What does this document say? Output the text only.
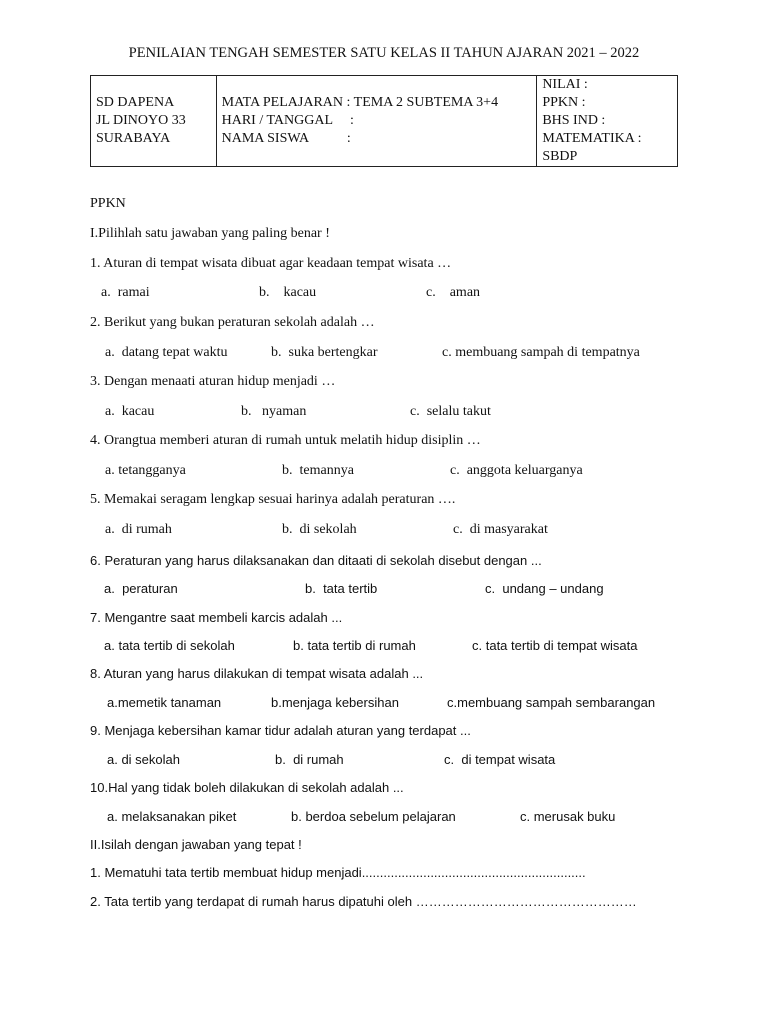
PENILAIAN TENGAH SEMESTER SATU KELAS II TAHUN AJARAN 2021 – 2022
SD DAPENA
JL DINOYO 33
SURABAYA

MATA PELAJARAN : TEMA 2 SUBTEMA 3+4
HARI / TANGGAL     :
NAMA SISWA           :

NILAI :
PPKN :
BHS IND :
MATEMATIKA :
SBDP
PPKN
I.Pilihlah satu jawaban yang paling benar !
1. Aturan di tempat wisata dibuat agar keadaan tempat wisata …
a.  ramai	b.    kacau	c.    aman
2. Berikut yang bukan peraturan sekolah adalah …
a.  datang tepat waktu	b.  suka bertengkar	c. membuang sampah di tempatnya
3. Dengan menaati aturan hidup menjadi …
a.  kacau	b.   nyaman	c.  selalu takut
4. Orangtua memberi aturan di rumah untuk melatih hidup disiplin …
a. tetangganya	b.  temannya	c.  anggota keluarganya
5. Memakai seragam lengkap sesuai harinya adalah peraturan ….
a.  di rumah	b.  di sekolah	c.  di masyarakat
6. Peraturan yang harus dilaksanakan dan ditaati di sekolah disebut dengan ...
a.  peraturan	b.  tata tertib	c.  undang – undang
7. Mengantre saat membeli karcis adalah ...
a. tata tertib di sekolah	b. tata tertib di rumah	c. tata tertib di tempat wisata
8. Aturan yang harus dilakukan di tempat wisata adalah ...
a.memetik tanaman	b.menjaga kebersihan	c.membuang sampah sembarangan
9. Menjaga kebersihan kamar tidur adalah aturan yang terdapat ...
a. di sekolah	b.  di rumah	c.  di tempat wisata
10.Hal yang tidak boleh dilakukan di sekolah adalah ...
a. melaksanakan piket	b. berdoa sebelum pelajaran	c. merusak buku
II.Isilah dengan jawaban yang tepat !
1. Mematuhi tata tertib membuat hidup menjadi..............................................................
2. Tata tertib yang terdapat di rumah harus dipatuhi oleh ……………………………………………
